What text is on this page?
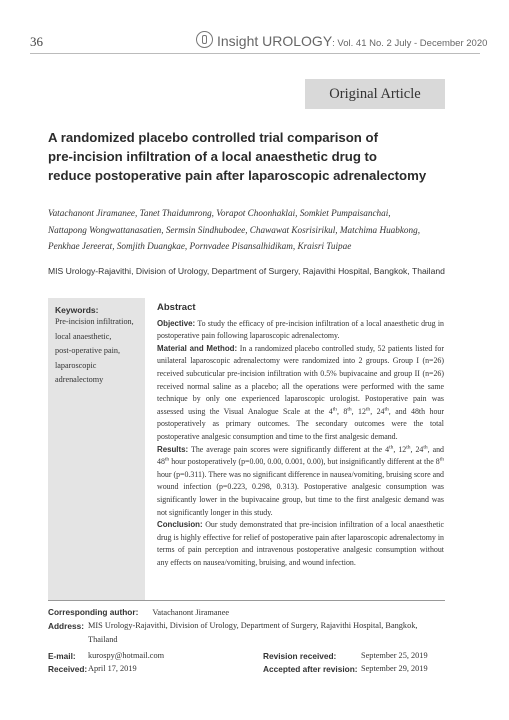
36	Insight UROLOGY: Vol. 41 No. 2 July - December 2020
Original Article
A randomized placebo controlled trial comparison of
pre-incision infiltration of a local anaesthetic drug to
reduce postoperative pain after laparoscopic adrenalectomy
Vatachanont Jiramanee, Tanet Thaidumrong, Vorapot Choonhaklai, Somkiet Pumpaisanchai,
Nattapong Wongwattanasatien, Sermsin Sindhubodee, Chawawat Kosrisirikul, Matchima Huabkong,
Penkhae Jereerat, Somjith Duangkae, Pornvadee Pisansalhidikam, Kraisri Tuipae
MIS Urology-Rajavithi, Division of Urology, Department of Surgery, Rajavithi Hospital, Bangkok, Thailand
Keywords:
Pre-incision infiltration,
local anaesthetic,
post-operative pain,
laparoscopic
adrenalectomy
Abstract

Objective: To study the efficacy of pre-incision infiltration of a local anaesthetic drug in postoperative pain following laparoscopic adrenalectomy.

Material and Method: In a randomized placebo controlled study, 52 patients listed for unilateral laparoscopic adrenalectomy were randomized into 2 groups. Group I (n=26) received subcuticular pre-incision infiltration with 0.5% bupivacaine and group II (n=26) received normal saline as a placebo; all the operations were performed with the same technique by only one experienced laparoscopic urologist. Postoperative pain was assessed using the Visual Analogue Scale at the 4th, 8th, 12th, 24th, and 48th hour postoperatively as primary outcomes. The secondary outcomes were the total postoperative analgesic consumption and time to the first analgesic demand.

Results: The average pain scores were significantly different at the 4th, 12th, 24th, and 48th hour postoperatively (p=0.00, 0.00, 0.001, 0.00), but insignificantly different at the 8th hour (p=0.311). There was no significant difference in nausea/vomiting, bruising score and wound infection (p=0.223, 0.298, 0.313). Postoperative analgesic consumption was significantly lower in the bupivacaine group, but time to the first analgesic demand was not significantly longer in this study.

Conclusion: Our study demonstrated that pre-incision infiltration of a local anaesthetic drug is highly effective for relief of postoperative pain after laparoscopic adrenalectomy in terms of pain perception and intravenous postoperative analgesic consumption without any effects on nausea/vomiting, bruising, and wound infection.

Corresponding author: Vatachanont Jiramanee
Address: MIS Urology-Rajavithi, Division of Urology, Department of Surgery, Rajavithi Hospital, Bangkok,
Thailand
E-mail: kurospy@hotmail.com	Revision received:	September 25, 2019
Received: April 17, 2019	Accepted after revision: September 29, 2019
